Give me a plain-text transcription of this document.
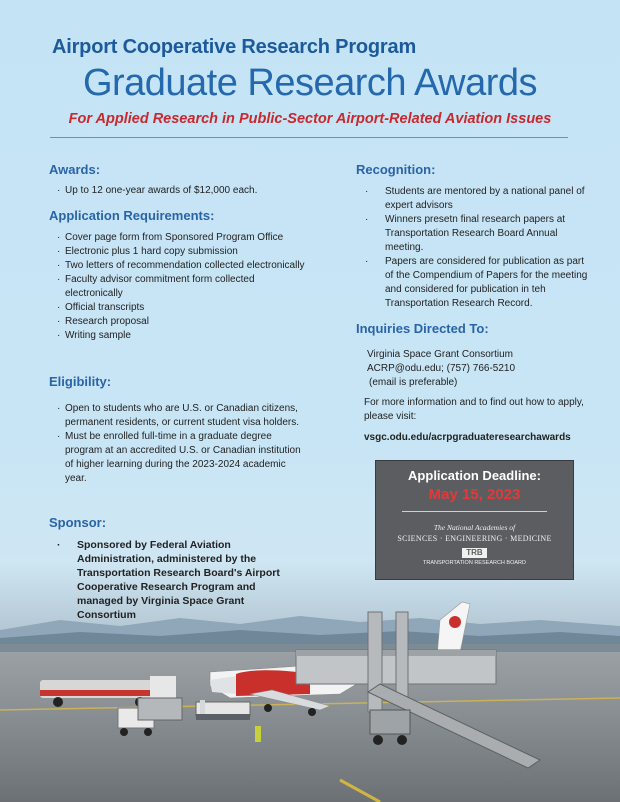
Airport Cooperative Research Program
Graduate Research Awards
For Applied Research in Public-Sector Airport-Related Aviation Issues
Awards:
· Up to 12 one-year awards of $12,000 each.
Application Requirements:
· Cover page form from Sponsored Program Office
· Electronic plus 1 hard copy submission
· Two letters of recommendation collected electronically
· Faculty advisor commitment form collected electronically
· Official transcripts
· Research proposal
· Writing sample
Eligibility:
· Open to students who are U.S. or Canadian citizens, permanent residents, or current student visa holders.
· Must be enrolled full-time in a graduate degree program at an accredited U.S. or Canadian institution of higher learning during the 2023-2024 academic year.
Sponsor:
· Sponsored by Federal Aviation Administration, administered by the Transportation Research Board's Airport Cooperative Research Program and managed by Virginia Space Grant Consortium
Recognition:
· Students are mentored by a national panel of expert advisors
· Winners presetn final research papers at Transportation Research Board Annual meeting.
· Papers are considered for publication as part of the Compendium of Papers for the meeting and considered for publication in teh Transportation Research Record.
Inquiries Directed To:
Virginia Space Grant Consortium
ACRP@odu.edu; (757) 766-5210
(email is preferable)
For more information and to find out how to apply, please visit:
vsgc.odu.edu/acrpgraduateresearchawards
Application Deadline:
May 15, 2023
The National Academies of
SCIENCES · ENGINEERING · MEDICINE
TRB
TRANSPORTATION RESEARCH BOARD
